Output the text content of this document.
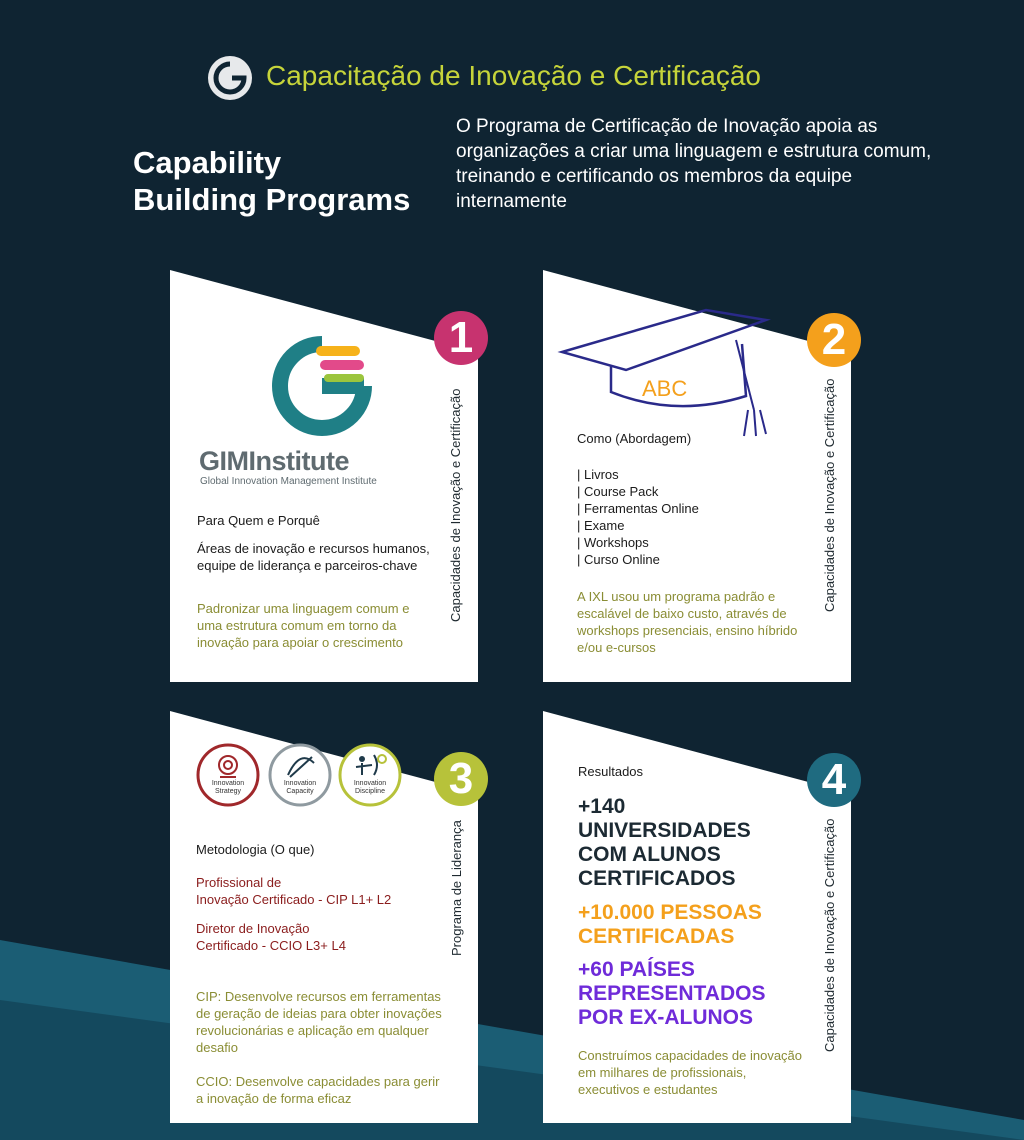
Capacitação de Inovação e Certificação
Capability
Building Programs
O Programa de Certificação de Inovação apoia as organizações a criar uma linguagem e estrutura comum, treinando e certificando os membros da equipe internamente
1
Capacidades de Inovação e Certificação
GIMInstitute
Global Innovation Management Institute
Para Quem e Porquê
Áreas de inovação e recursos humanos,
equipe de liderança e parceiros-chave
Padronizar uma linguagem comum e
uma estrutura comum em torno da
inovação para apoiar o crescimento
2
Capacidades de Inovação e Certificação
ABC
Como (Abordagem)
| Livros
| Course Pack
| Ferramentas Online
| Exame
| Workshops
| Curso Online
A IXL usou um programa padrão e
escalável de baixo custo, através de
workshops presenciais, ensino híbrido
e/ou e-cursos
3
Programa de Liderança
Innovation
Strategy
Innovation
Capacity
Innovation
Discipline
Metodologia (O que)
Profissional de
Inovação Certificado - CIP L1+ L2
Diretor de Inovação
Certificado - CCIO L3+ L4
CIP: Desenvolve recursos em ferramentas
de geração de ideias para obter inovações
revolucionárias e aplicação em qualquer
desafio
CCIO: Desenvolve capacidades para gerir
a inovação de forma eficaz
4
Capacidades de Inovação e Certificação
Resultados
+140
UNIVERSIDADES
COM ALUNOS
CERTIFICADOS
+10.000 PESSOAS
CERTIFICADAS
+60 PAÍSES
REPRESENTADOS
POR EX-ALUNOS
Construímos capacidades de inovação
em milhares de profissionais,
executivos e estudantes
